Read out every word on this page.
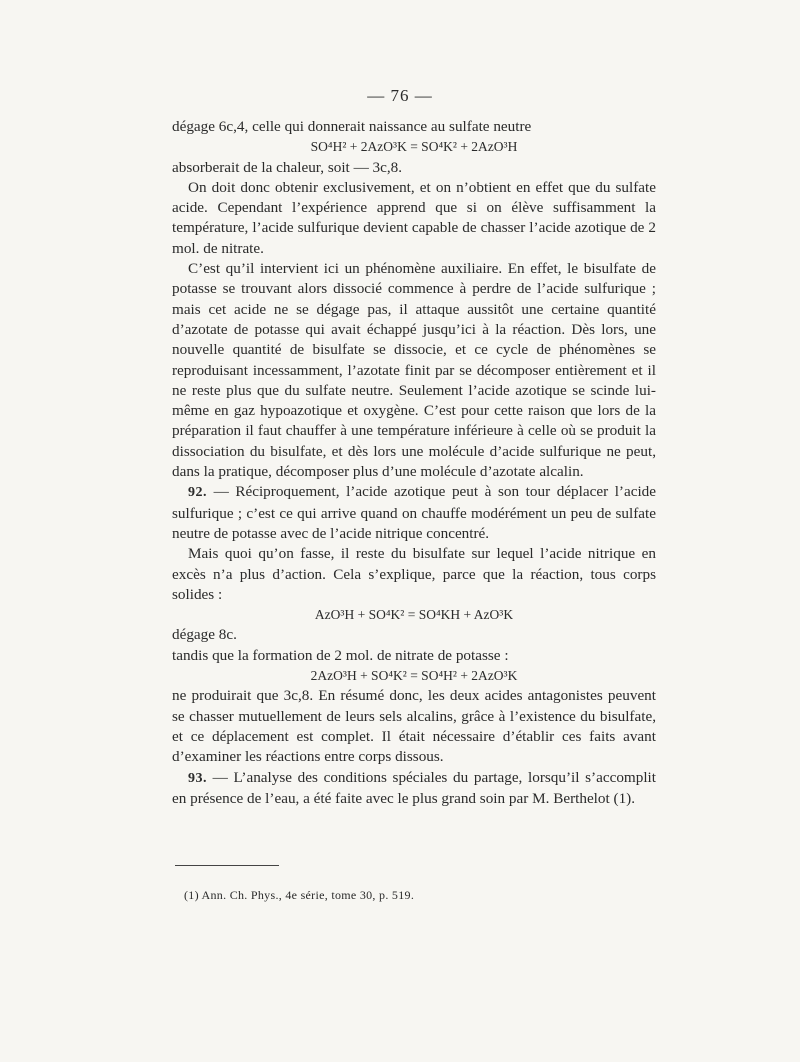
— 76 —

dégage 6c,4, celle qui donnerait naissance au sulfate neutre

SO⁴H² + 2AzO³K = SO⁴K² + 2AzO³H

absorberait de la chaleur, soit — 3c,8.

On doit donc obtenir exclusivement, et on n’obtient en effet que du sulfate acide. Cependant l’expérience apprend que si on élève suffisamment la température, l’acide sulfurique devient capable de chasser l’acide azotique de 2 mol. de nitrate.

C’est qu’il intervient ici un phénomène auxiliaire. En effet, le bisulfate de potasse se trouvant alors dissocié commence à perdre de l’acide sulfurique ; mais cet acide ne se dégage pas, il attaque aussitôt une certaine quantité d’azotate de potasse qui avait échappé jusqu’ici à la réaction. Dès lors, une nouvelle quantité de bisulfate se dissocie, et ce cycle de phénomènes se reproduisant incessamment, l’azotate finit par se décomposer entièrement et il ne reste plus que du sulfate neutre. Seulement l’acide azotique se scinde lui-même en gaz hypoazotique et oxygène. C’est pour cette raison que lors de la préparation il faut chauffer à une température inférieure à celle où se produit la dissociation du bisulfate, et dès lors une molécule d’acide sulfurique ne peut, dans la pratique, décomposer plus d’une molécule d’azotate alcalin.

92. — Réciproquement, l’acide azotique peut à son tour déplacer l’acide sulfurique ; c’est ce qui arrive quand on chauffe modérément un peu de sulfate neutre de potasse avec de l’acide nitrique concentré.

Mais quoi qu’on fasse, il reste du bisulfate sur lequel l’acide nitrique en excès n’a plus d’action. Cela s’explique, parce que la réaction, tous corps solides :

AzO³H + SO⁴K² = SO⁴KH + AzO³K

dégage 8c.

tandis que la formation de 2 mol. de nitrate de potasse :

2AzO³H + SO⁴K² = SO⁴H² + 2AzO³K

ne produirait que 3c,8. En résumé donc, les deux acides antagonistes peuvent se chasser mutuellement de leurs sels alcalins, grâce à l’existence du bisulfate, et ce déplacement est complet. Il était nécessaire d’établir ces faits avant d’examiner les réactions entre corps dissous.

93. — L’analyse des conditions spéciales du partage, lorsqu’il s’accomplit en présence de l’eau, a été faite avec le plus grand soin par M. Berthelot (1).

(1) Ann. Ch. Phys., 4e série, tome 30, p. 519.
